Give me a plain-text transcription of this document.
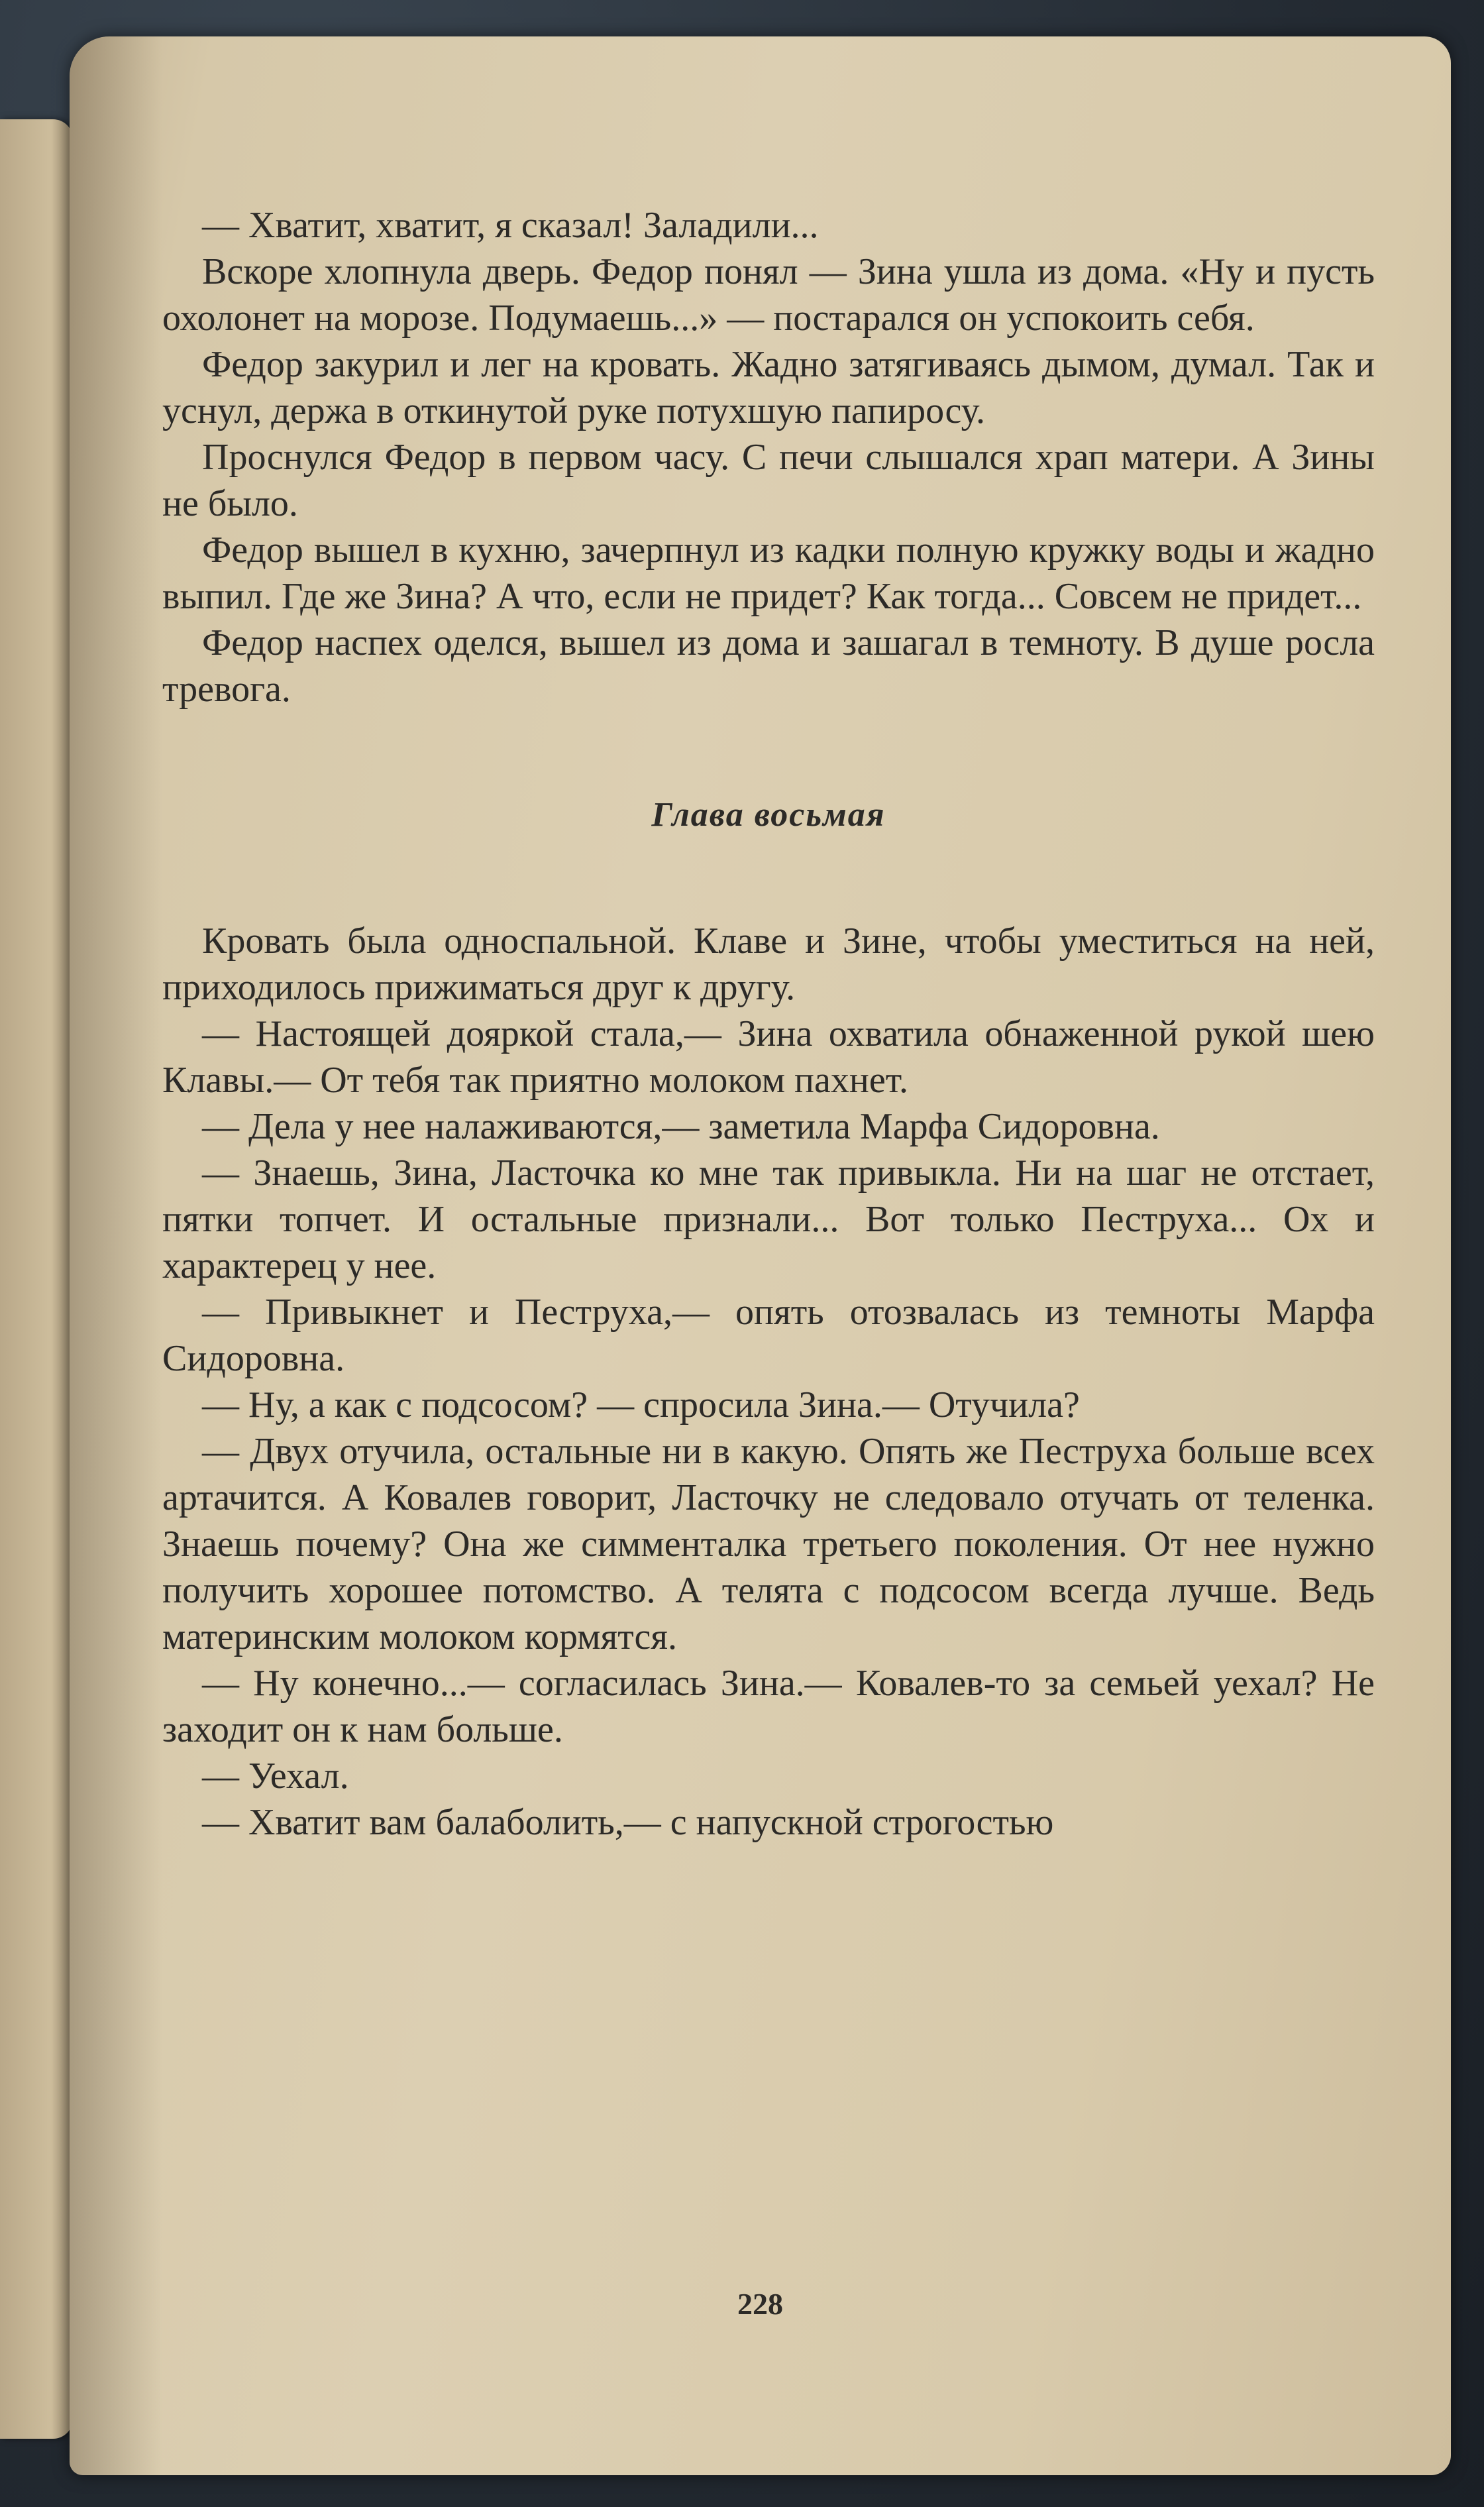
— Хватит, хватит, я сказал! Заладили...

Вскоре хлопнула дверь. Федор понял — Зина ушла из дома. «Ну и пусть охолонет на морозе. Подумаешь...» — постарался он успокоить себя.

Федор закурил и лег на кровать. Жадно затягиваясь дымом, думал. Так и уснул, держа в откинутой руке потухшую папиросу.

Проснулся Федор в первом часу. С печи слышался храп матери. А Зины не было.

Федор вышел в кухню, зачерпнул из кадки полную кружку воды и жадно выпил. Где же Зина? А что, если не придет? Как тогда... Совсем не придет...

Федор наспех оделся, вышел из дома и зашагал в темноту. В душе росла тревога.

Глава восьмая

Кровать была односпальной. Клаве и Зине, чтобы уместиться на ней, приходилось прижиматься друг к другу.

— Настоящей дояркой стала,— Зина охватила обнаженной рукой шею Клавы.— От тебя так приятно молоком пахнет.

— Дела у нее налаживаются,— заметила Марфа Сидоровна.

— Знаешь, Зина, Ласточка ко мне так привыкла. Ни на шаг не отстает, пятки топчет. И остальные признали... Вот только Пеструха... Ох и характерец у нее.

— Привыкнет и Пеструха,— опять отозвалась из темноты Марфа Сидоровна.

— Ну, а как с подсосом? — спросила Зина.— Отучила?

— Двух отучила, остальные ни в какую. Опять же Пеструха больше всех артачится. А Ковалев говорит, Ласточку не следовало отучать от теленка. Знаешь почему? Она же симменталка третьего поколения. От нее нужно получить хорошее потомство. А телята с подсосом всегда лучше. Ведь материнским молоком кормятся.

— Ну конечно...— согласилась Зина.— Ковалев-то за семьей уехал? Не заходит он к нам больше.

— Уехал.

— Хватит вам балаболить,— с напускной строгостью

228
